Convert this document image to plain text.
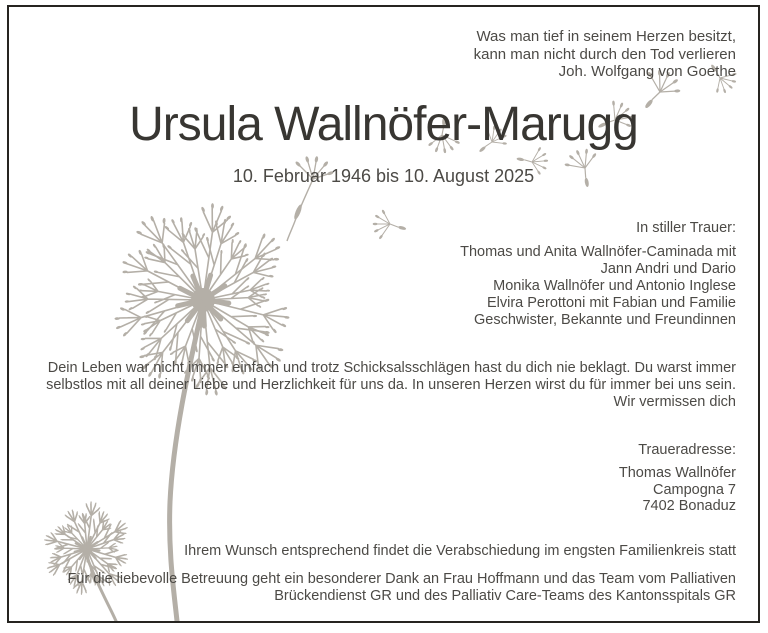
Was man tief in seinem Herzen besitzt,
kann man nicht durch den Tod verlieren
Joh. Wolfgang von Goethe
Ursula Wallnöfer-Marugg
10. Februar 1946 bis 10. August 2025
In stiller Trauer:
Thomas und Anita Wallnöfer-Caminada mit
Jann Andri und Dario
Monika Wallnöfer und Antonio Inglese
Elvira Perottoni mit Fabian und Familie
Geschwister, Bekannte und Freundinnen
Dein Leben war nicht immer einfach und trotz Schicksalsschlägen hast du dich nie beklagt. Du warst immer
selbstlos mit all deiner Liebe und Herzlichkeit für uns da. In unseren Herzen wirst du für immer bei uns sein.
Wir vermissen dich
Traueradresse:
Thomas Wallnöfer
Campogna 7
7402 Bonaduz
Ihrem Wunsch entsprechend findet die Verabschiedung im engsten Familienkreis statt
Für die liebevolle Betreuung geht ein besonderer Dank an Frau Hoffmann und das Team vom Palliativen
Brückendienst GR und des Palliativ Care-Teams des Kantonsspitals GR
